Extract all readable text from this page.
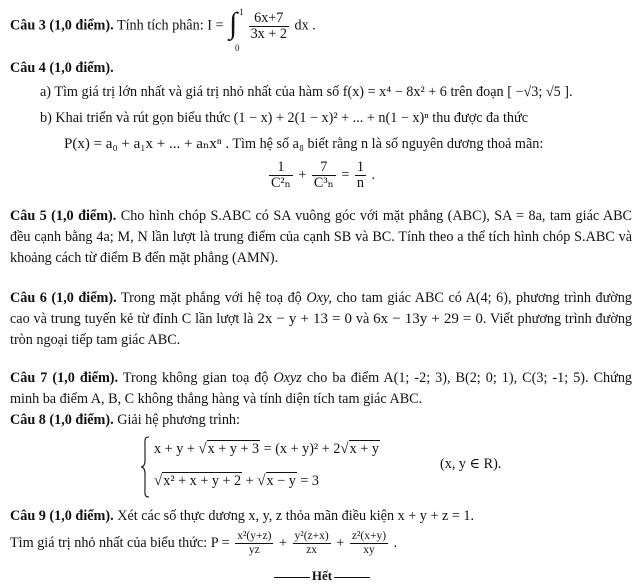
Câu 3 (1,0 điểm). Tính tích phân: I = ∫ 1
0

$\frac{6x+7}{3x + 2}$ dx .
Câu 4 (1,0 điểm).
a) Tìm giá trị lớn nhất và giá trị nhỏ nhất của hàm số f(x) = x⁴ − 8x² + 6 trên đoạn [ −√3; √5 ].
b) Khai triển và rút gọn biểu thức (1 − x) + 2(1 − x)² + ... + n(1 − x)ⁿ thu được đa thức
P(x) = a₀ + a₁x + ... + aₙxⁿ . Tìm hệ số a₈ biết rằng n là số nguyên dương thoả mãn:
$\frac{1}{\text{C²ₙ}} + \frac{7}{\text{C³ₙ}} = \frac{1}{n}$ .
Câu 5 (1,0 điểm). Cho hình chóp S.ABC có SA vuông góc với mặt phẳng (ABC), SA = 8a, tam giác ABC đều cạnh bằng 4a; M, N lần lượt là trung điểm của cạnh SB và BC. Tính theo a thể tích hình chóp S.ABC và khoảng cách từ điểm B đến mặt phẳng (AMN).
Câu 6 (1,0 điểm). Trong mặt phẳng với hệ toạ độ Oxy, cho tam giác ABC có A(4; 6), phương trình đường cao và trung tuyến kẻ từ đỉnh C lần lượt là 2x − y + 13 = 0 và 6x − 13y + 29 = 0. Viết phương trình đường tròn ngoại tiếp tam giác ABC.
Câu 7 (1,0 điểm). Trong không gian toạ độ Oxyz cho ba điểm A(1; -2; 3), B(2; 0; 1), C(3; -1; 5). Chứng minh ba điểm A, B, C không thẳng hàng và tính diện tích tam giác ABC.
Câu 8 (1,0 điểm). Giải hệ phương trình:
x + y + √x + y + 3 = (x + y)² + 2√x + y
√x² + x + y + 2 + √x − y = 3
(x, y ∈ R).
Câu 9 (1,0 điểm). Xét các số thực dương x, y, z thỏa mãn điều kiện x + y + z = 1.
Tìm giá trị nhỏ nhất của biểu thức: $P = \frac{\text{x²(y+z)}}{yz} + \frac{\text{y²(z+x)}}{zx} + \frac{\text{z²(x+y)}}{xy}$ .
Hết
